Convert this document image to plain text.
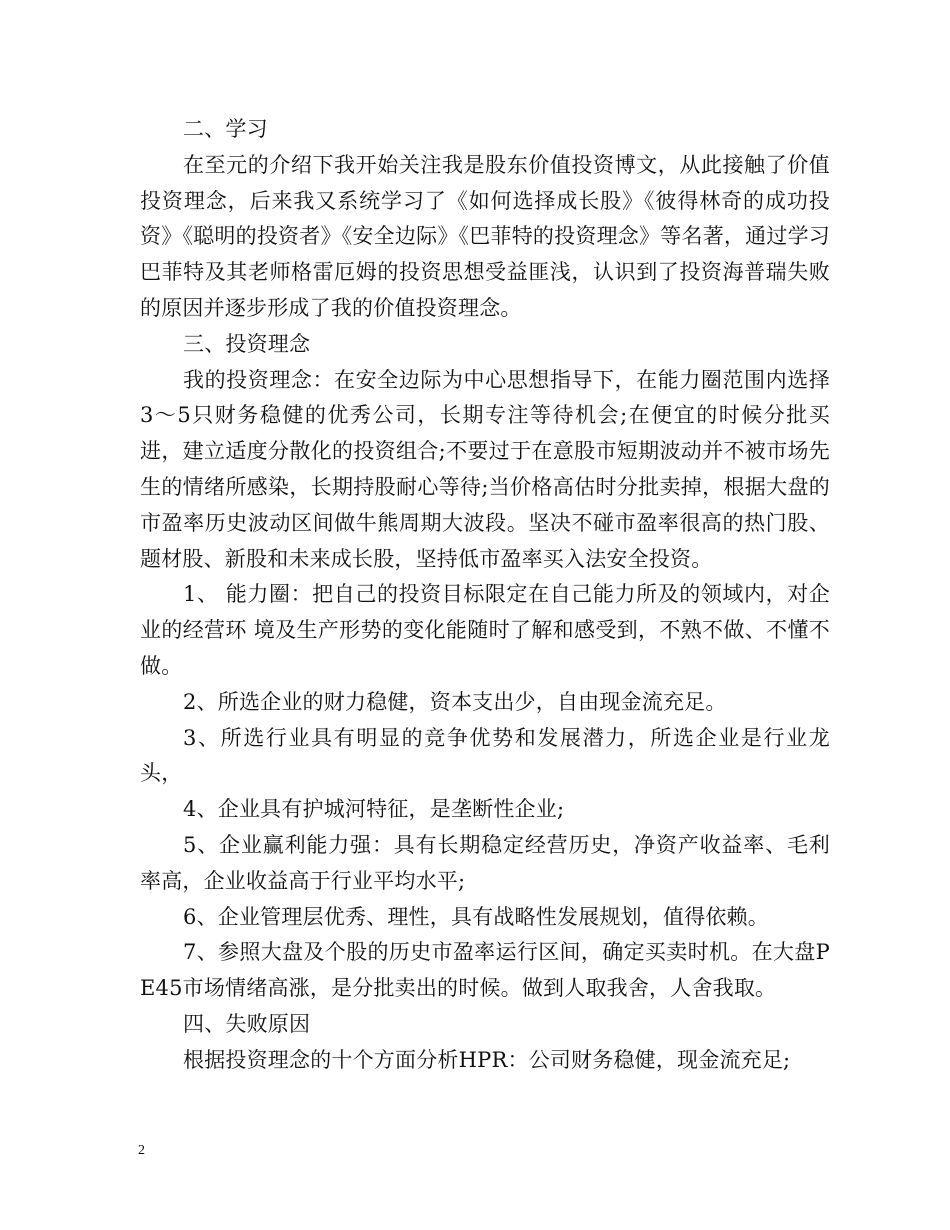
二、学习

在至元的介绍下我开始关注我是股东价值投资博文，从此接触了价值投资理念，后来我又系统学习了《如何选择成长股》《彼得林奇的成功投资》《聪明的投资者》《安全边际》《巴菲特的投资理念》等名著，通过学习巴菲特及其老师格雷厄姆的投资思想受益匪浅，认识到了投资海普瑞失败的原因并逐步形成了我的价值投资理念。

三、投资理念

我的投资理念：在安全边际为中心思想指导下，在能力圈范围内选择3～5只财务稳健的优秀公司，长期专注等待机会;在便宜的时候分批买进，建立适度分散化的投资组合;不要过于在意股市短期波动并不被市场先生的情绪所感染，长期持股耐心等待;当价格高估时分批卖掉，根据大盘的市盈率历史波动区间做牛熊周期大波段。坚决不碰市盈率很高的热门股、题材股、新股和未来成长股，坚持低市盈率买入法安全投资。

1、 能力圈：把自己的投资目标限定在自己能力所及的领域内，对企业的经营环 境及生产形势的变化能随时了解和感受到，不熟不做、不懂不做。

2、所选企业的财力稳健，资本支出少，自由现金流充足。

3、所选行业具有明显的竞争优势和发展潜力，所选企业是行业龙头，

4、企业具有护城河特征，是垄断性企业;

5、企业赢利能力强：具有长期稳定经营历史，净资产收益率、毛利率高，企业收益高于行业平均水平;

6、企业管理层优秀、理性，具有战略性发展规划，值得依赖。

7、参照大盘及个股的历史市盈率运行区间，确定买卖时机。在大盘PE45市场情绪高涨，是分批卖出的时候。做到人取我舍，人舍我取。

四、失败原因

根据投资理念的十个方面分析HPR：公司财务稳健，现金流充足;

2
